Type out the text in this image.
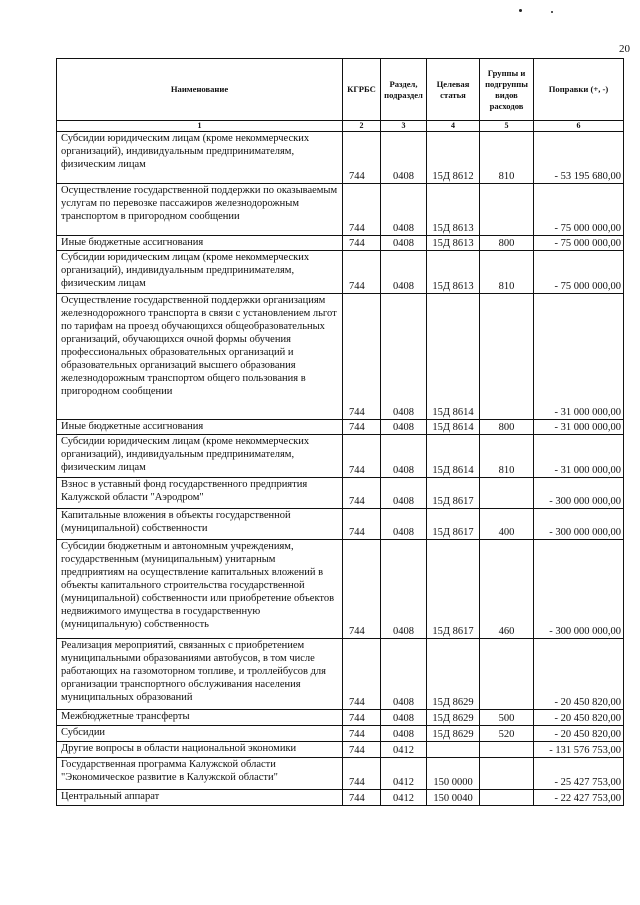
20
Наименование	КГРБС	Раздел, подраздел	Целевая статья	Группы и подгруппы видов расходов	Поправки (+, -)
1	2	3	4	5	6
Субсидии юридическим лицам (кроме некоммерческих организаций), индивидуальным предпринимателям, физическим лицам	744	0408	15Д 8612	810	- 53 195 680,00
Осуществление государственной поддержки по оказываемым услугам по перевозке пассажиров железнодорожным транспортом в пригородном сообщении	744	0408	15Д 8613		- 75 000 000,00
Иные бюджетные ассигнования	744	0408	15Д 8613	800	- 75 000 000,00
Субсидии юридическим лицам (кроме некоммерческих организаций), индивидуальным предпринимателям, физическим лицам	744	0408	15Д 8613	810	- 75 000 000,00
Осуществление государственной поддержки организациям железнодорожного транспорта в связи с установлением льгот по тарифам на проезд обучающихся общеобразовательных организаций, обучающихся очной формы обучения профессиональных образовательных организаций и образовательных организаций высшего образования железнодорожным транспортом общего пользования в пригородном сообщении	744	0408	15Д 8614		- 31 000 000,00
Иные бюджетные ассигнования	744	0408	15Д 8614	800	- 31 000 000,00
Субсидии юридическим лицам (кроме некоммерческих организаций), индивидуальным предпринимателям, физическим лицам	744	0408	15Д 8614	810	- 31 000 000,00
Взнос в уставный фонд государственного предприятия Калужской области "Аэродром"	744	0408	15Д 8617		- 300 000 000,00
Капитальные вложения в объекты государственной (муниципальной) собственности	744	0408	15Д 8617	400	- 300 000 000,00
Субсидии бюджетным и автономным учреждениям, государственным (муниципальным) унитарным предприятиям на осуществление капитальных вложений в объекты капитального строительства государственной (муниципальной) собственности или приобретение объектов недвижимого имущества в государственную (муниципальную) собственность	744	0408	15Д 8617	460	- 300 000 000,00
Реализация мероприятий, связанных с приобретением муниципальными образованиями автобусов, в том числе работающих на газомоторном топливе, и троллейбусов для организации транспортного обслуживания населения муниципальных образований	744	0408	15Д 8629		- 20 450 820,00
Межбюджетные трансферты	744	0408	15Д 8629	500	- 20 450 820,00
Субсидии	744	0408	15Д 8629	520	- 20 450 820,00
Другие вопросы в области национальной экономики	744	0412			- 131 576 753,00
Государственная программа Калужской области "Экономическое развитие в Калужской области"	744	0412	150 0000		- 25 427 753,00
Центральный аппарат	744	0412	150 0040		- 22 427 753,00
